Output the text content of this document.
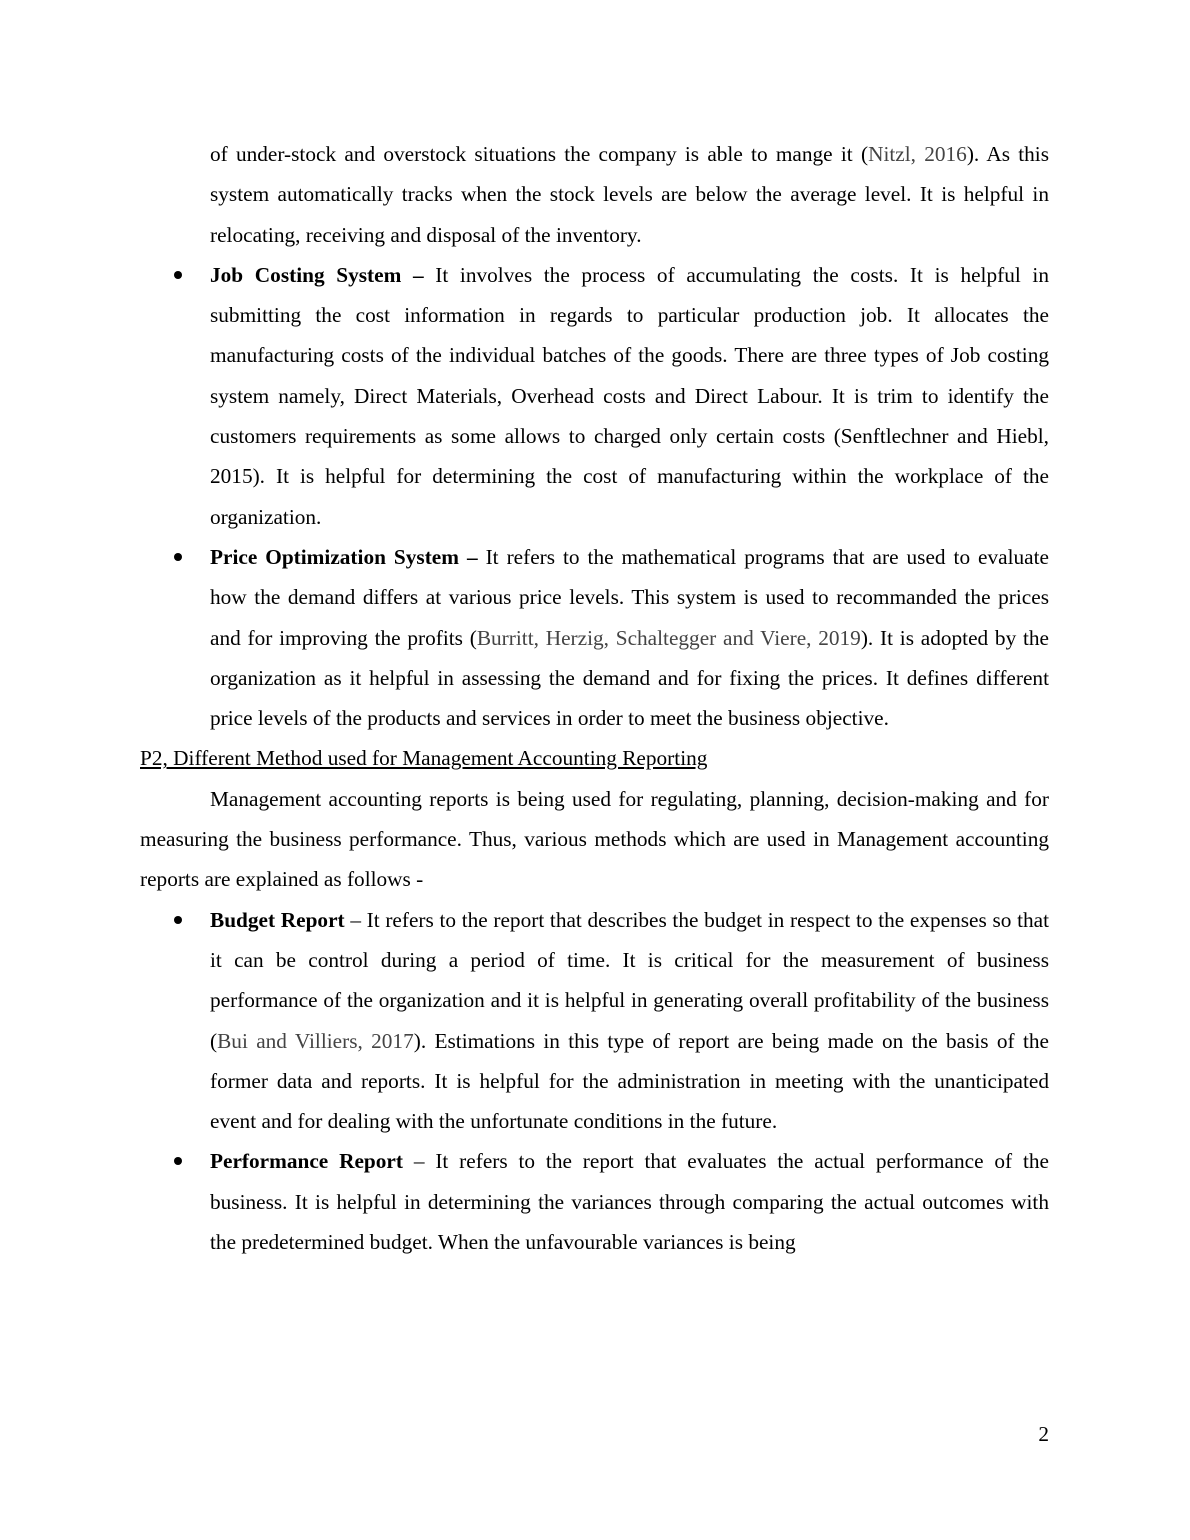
of under-stock and overstock situations the company is able to mange it (Nitzl, 2016). As this system automatically tracks when the stock levels are below the average level. It is helpful in relocating, receiving and disposal of the inventory.

Job Costing System – It involves the process of accumulating the costs. It is helpful in submitting the cost information in regards to particular production job. It allocates the manufacturing costs of the individual batches of the goods. There are three types of Job costing system namely, Direct Materials, Overhead costs and Direct Labour. It is trim to identify the customers requirements as some allows to charged only certain costs (Senftlechner and Hiebl, 2015). It is helpful for determining the cost of manufacturing within the workplace of the organization.
Price Optimization System – It refers to the mathematical programs that are used to evaluate how the demand differs at various price levels. This system is used to recommanded the prices and for improving the profits (Burritt, Herzig, Schaltegger and Viere, 2019). It is adopted by the organization as it helpful in assessing the demand and for fixing the prices. It defines different price levels of the products and services in order to meet the business objective.

P2, Different Method used for Management Accounting Reporting

Management accounting reports is being used for regulating, planning, decision-making and for measuring the business performance. Thus, various methods which are used in Management accounting reports are explained as follows -

Budget Report – It refers to the report that describes the budget in respect to the expenses so that it can be control during a period of time. It is critical for the measurement of business performance of the organization and it is helpful in generating overall profitability of the business (Bui and Villiers, 2017). Estimations in this type of report are being made on the basis of the former data and reports. It is helpful for the administration in meeting with the unanticipated event and for dealing with the unfortunate conditions in the future.
Performance Report – It refers to the report that evaluates the actual performance of the business. It is helpful in determining the variances through comparing the actual outcomes with the predetermined budget. When the unfavourable variances is being
2
